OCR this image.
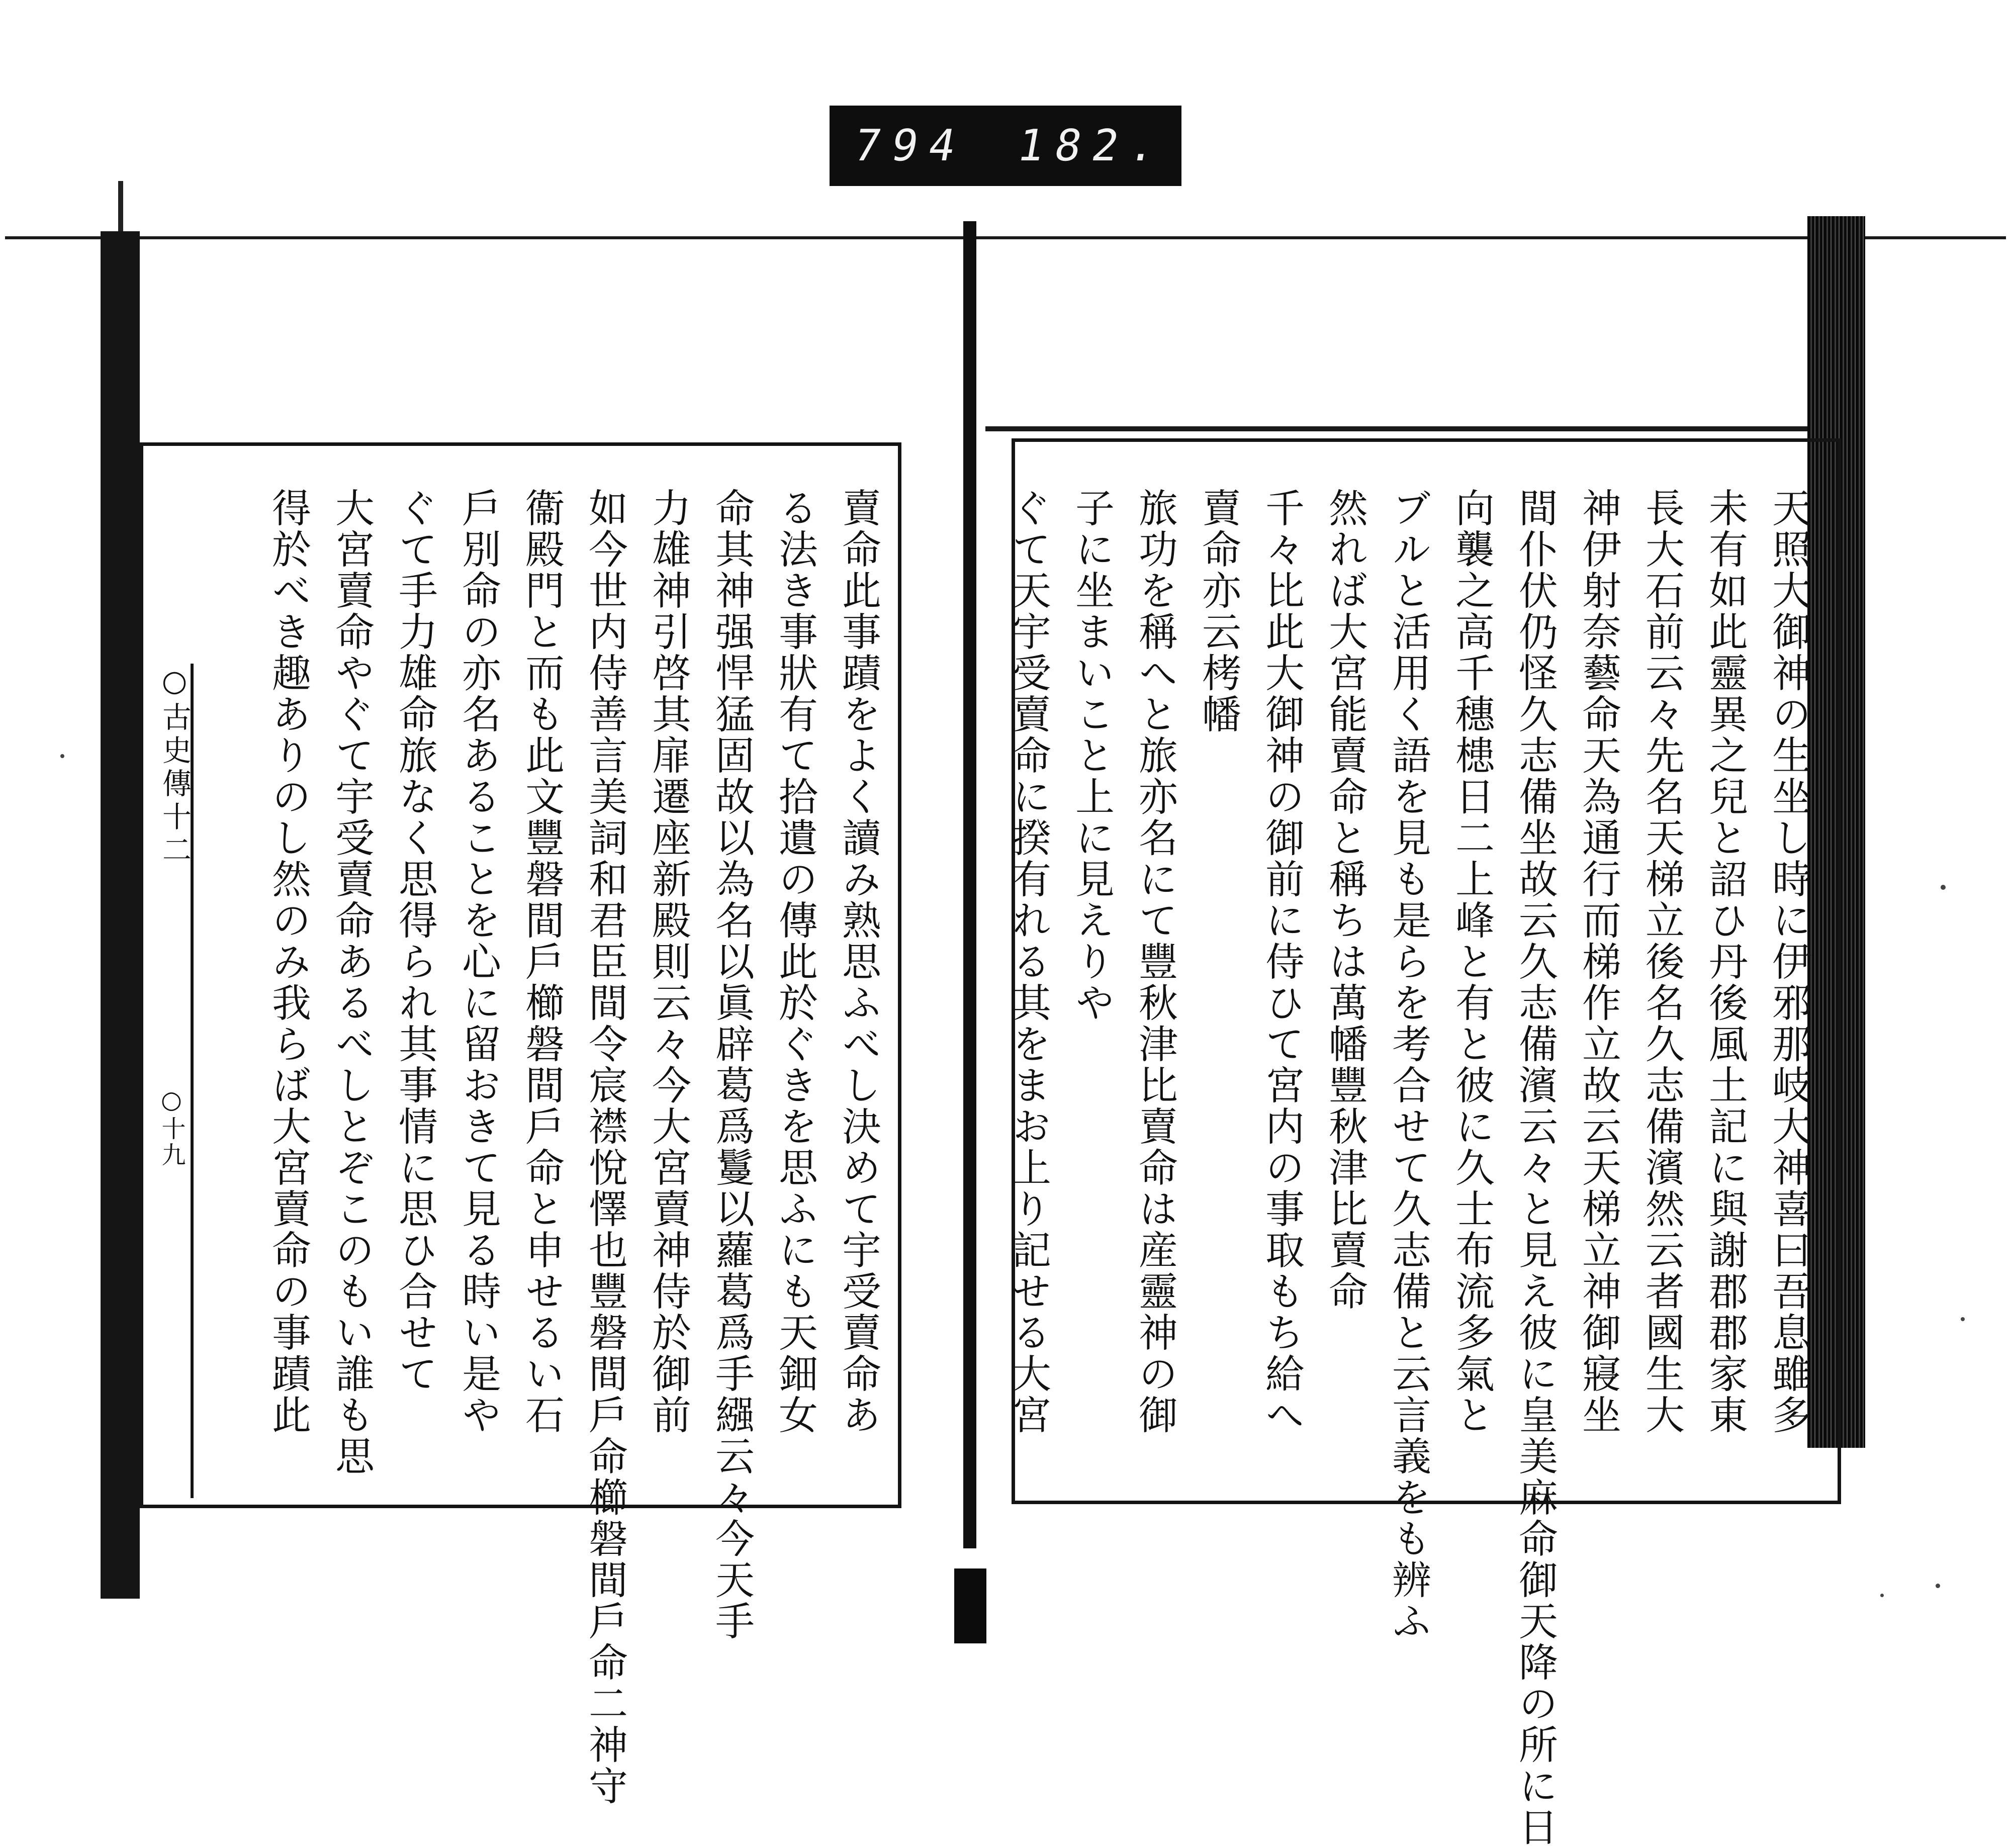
794 182.
○古史傳十二
○十九	天照大御神の生坐し時に伊邪那岐大神喜曰吾息雖多
未有如此靈異之兒と詔ひ丹後風土記に與謝郡郡家東
長大石前云々先名天梯立後名久志備濱然云者國生大
神伊射奈藝命天為通行而梯作立故云天梯立神御寢坐
間仆伏仍怪久志備坐故云久志備濱云々と見え彼に皇美麻命御天降の所に日
向襲之高千穗槵日二上峰と有と彼に久士布流多氣と
ブルと活用く語を見も是らを考合せて久志備と云言義をも辨ふ
然れば大宮能賣命と稱ちは萬幡豐秋津比賣命
千々比此大御神の御前に侍ひて宮内の事取もち給へ
賣命亦云栲幡
旅功を稱へと旅亦名にて豐秋津比賣命は産靈神の御
子に坐まいこと上に見えりや
ぐて天宇受賣命に揆有れる其をまお上り記せる大宮
賣命此事蹟をよく讀み熟思ふべし決めて宇受賣命あ
る法き事狀有て拾遺の傳此於ぐきを思ふにも天鈿女
命其神强悍猛固故以為名以眞辟葛爲鬘以蘿葛爲手繦云々今天手
力雄神引啓其扉遷座新殿則云々今大宮賣神侍於御前
如今世内侍善言美詞和君臣間令宸襟悅懌也豐磐間戶命櫛磐間戶命二神守
衞殿門と而も此文豐磐間戶櫛磐間戶命と申せるい石
戶別命の亦名あることを心に留おきて見る時い是や
ぐて手力雄命旅なく思得られ其事情に思ひ合せて
大宮賣命やぐて宇受賣命あるべしとぞこのもい誰も思
得於べき趣ありのし然のみ我らば大宮賣命の事蹟此
